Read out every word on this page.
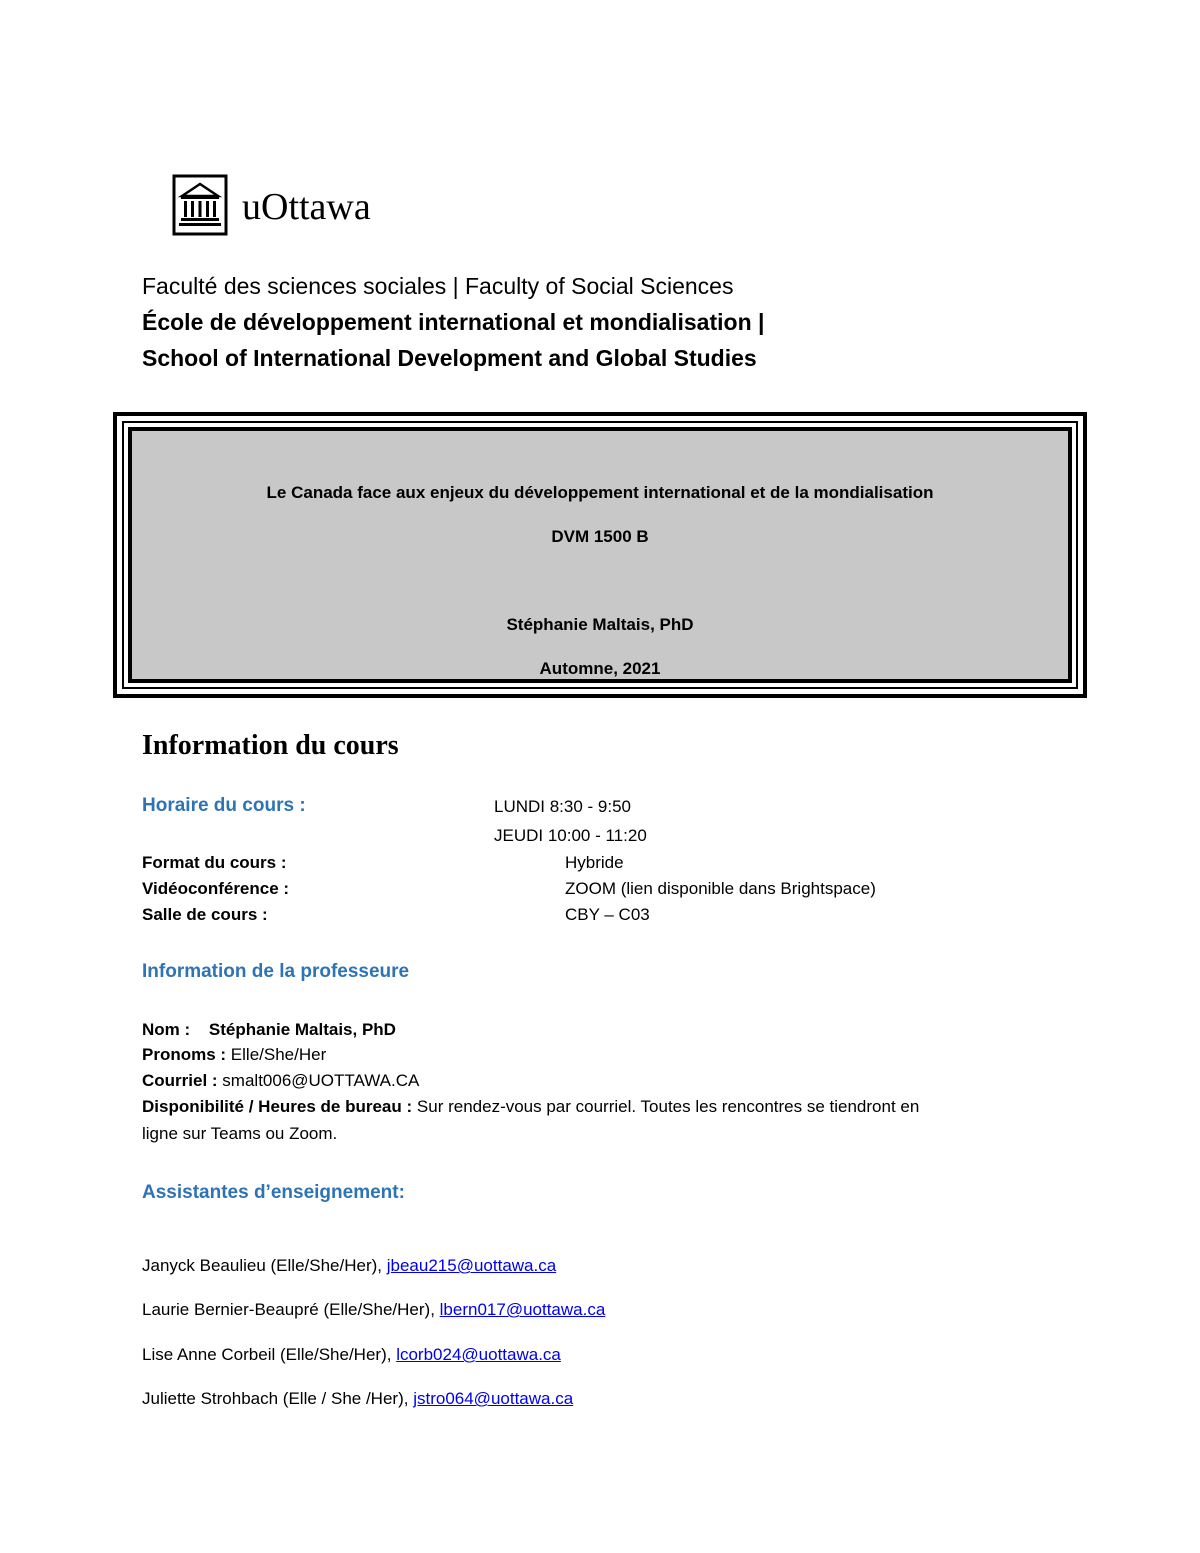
uOttawa
Faculté des sciences sociales | Faculty of Social Sciences
École de développement international et mondialisation |
School of International Development and Global Studies
Le Canada face aux enjeux du développement international et de la mondialisation
DVM 1500 B
Stéphanie Maltais, PhD
Automne, 2021
Information du cours
Horaire du cours :	LUNDI 8:30 - 9:50
JEUDI 10:00 - 11:20
Format du cours :	Hybride
Vidéoconférence :	ZOOM (lien disponible dans Brightspace)
Salle de cours :	CBY – C03
Information de la professeure
Nom : Stéphanie Maltais, PhD
Pronoms : Elle/She/Her
Courriel : smalt006@UOTTAWA.CA
Disponibilité / Heures de bureau : Sur rendez-vous par courriel. Toutes les rencontres se tiendront en
ligne sur Teams ou Zoom.
Assistantes d’enseignement:
Janyck Beaulieu (Elle/She/Her), jbeau215@uottawa.ca
Laurie Bernier-Beaupré (Elle/She/Her), lbern017@uottawa.ca
Lise Anne Corbeil (Elle/She/Her), lcorb024@uottawa.ca
Juliette Strohbach (Elle / She /Her), jstro064@uottawa.ca
